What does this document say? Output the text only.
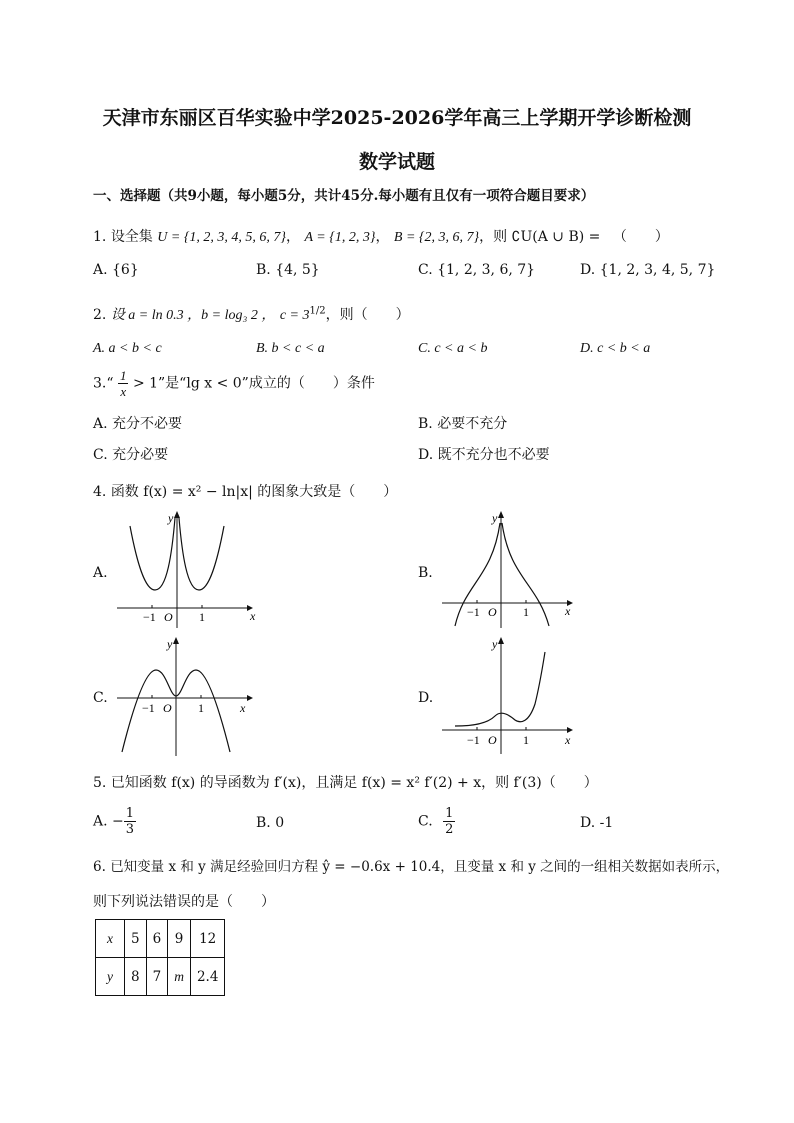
天津市东丽区百华实验中学2025-2026学年高三上学期开学诊断检测
数学试题
一、选择题（共9小题，每小题5分，共计45分.每小题有且仅有一项符合题目要求）
1. 设全集 U = {1, 2, 3, 4, 5, 6, 7}， A = {1, 2, 3}， B = {2, 3, 6, 7}，则 ∁U(A ∪ B) = （　　）
A. {6}	B. {4, 5}	C. {1, 2, 3, 6, 7}	D. {1, 2, 3, 4, 5, 7}
2. 设 a = ln 0.3 ，b = log₃ 2 ， $c = 3^{1/2}$，则（　　）
A. a < b < c	B. b < c < a	C. c < a < b	D. c < b < a
3.“ $\frac{1}{x} > 1$”是“lg x < 0”成立的（　　）条件
A. 充分不必要	B. 必要不充分
C. 充分必要	D. 既不充分也不必要
4. 函数 f(x) = x² − ln|x| 的图象大致是（　　）
A.	B.
C.	D.
y
x
O
−1	1
y
x
O
−1	1
y
x
O
−1	1
y
x
O
−1	1
5. 已知函数 f(x) 的导函数为 f′(x)，且满足 f(x) = x² f′(2) + x，则 f′(3)（　　）
A. − $\frac{1}{3}$	B. 0	C. $\frac{1}{2}$	D. -1
6. 已知变量 x 和 y 满足经验回归方程 ŷ = −0.6x + 10.4，且变量 x 和 y 之间的一组相关数据如表所示，
则下列说法错误的是（　　）
x	5	6	9	12
y	8	7	m	2.4
